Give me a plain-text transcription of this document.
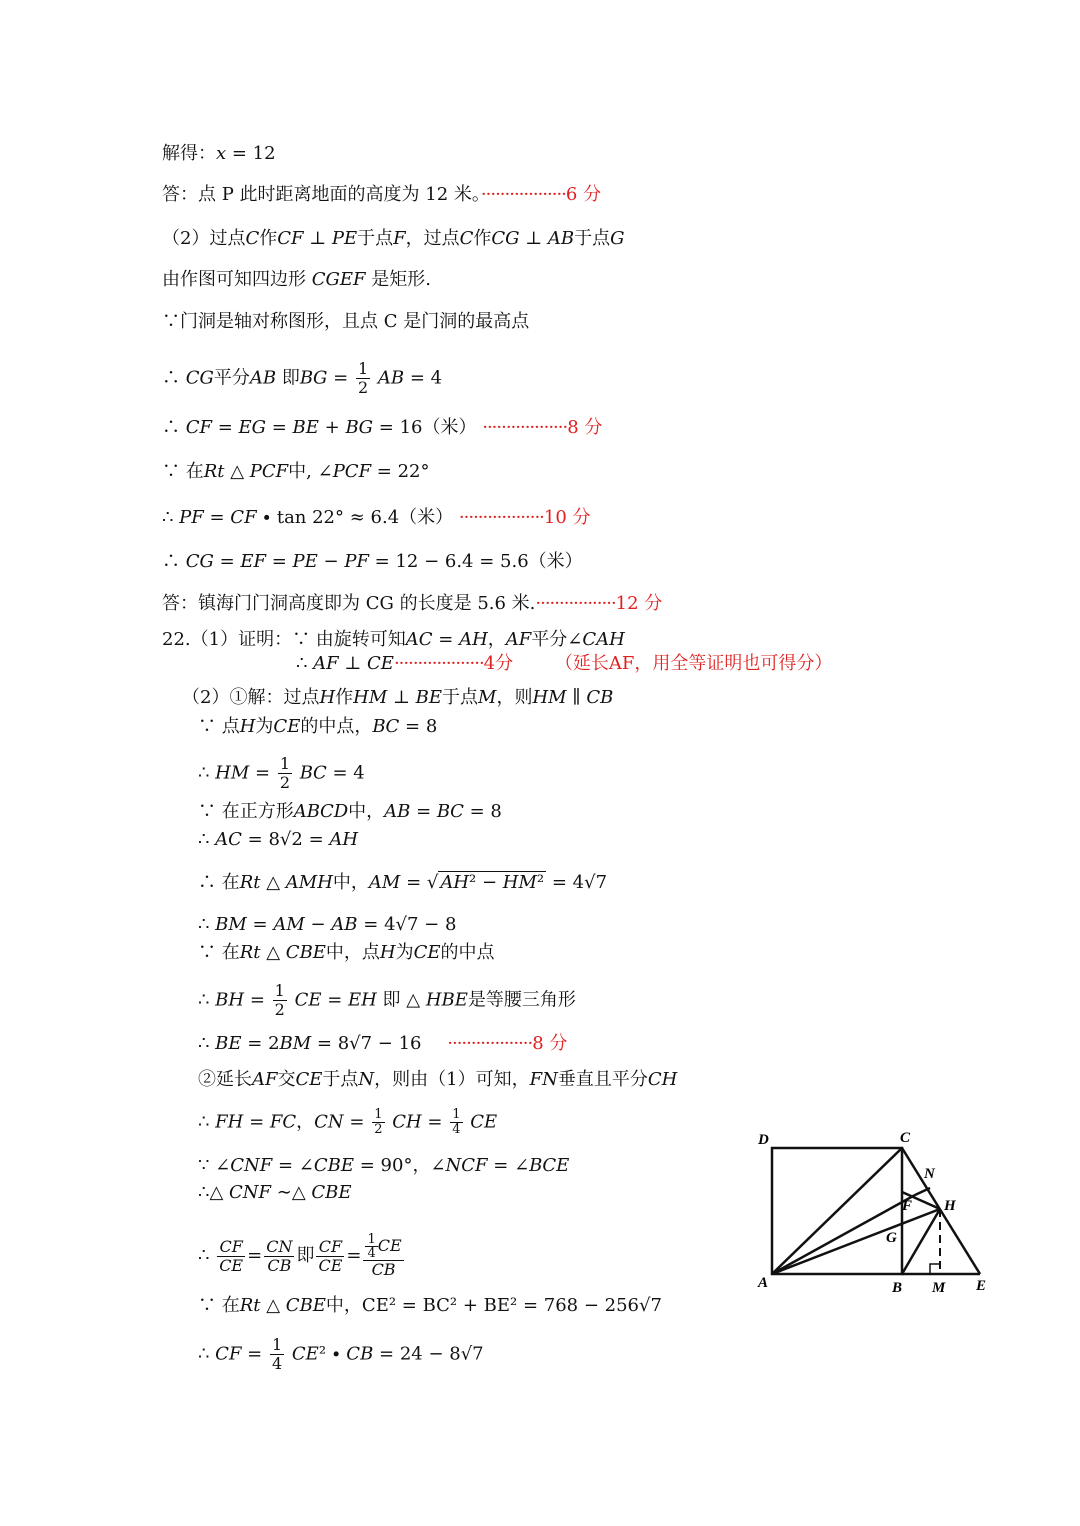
解得：𝑥 = 12
答：点 P 此时距离地面的高度为 12 米。··················6 分
（2）过点𝐶作𝐶𝐹 ⊥ 𝑃𝐸于点𝐹，过点𝐶作𝐶𝐺 ⊥ 𝐴𝐵于点𝐺
由作图可知四边形 𝐶𝐺𝐸𝐹 是矩形.
∵门洞是轴对称图形，且点 C 是门洞的最高点
∴ 𝐶𝐺平分𝐴𝐵 即𝐵𝐺 = $\frac{1}{2}$ 𝐴𝐵 = 4
∴ 𝐶𝐹 = 𝐸𝐺 = 𝐵𝐸 + 𝐵𝐺 = 16（米） ··················8 分
∵ 在𝑅𝑡 △ 𝑃𝐶𝐹中, ∠𝑃𝐶𝐹 = 22°
∴ 𝑃𝐹 = 𝐶𝐹 ∙ tan 22° ≈ 6.4（米） ··················10 分
∴ 𝐶𝐺 = 𝐸𝐹 = 𝑃𝐸 − 𝑃𝐹 = 12 − 6.4 = 5.6（米）
答：镇海门门洞高度即为 CG 的长度是 5.6 米.·················12 分
22.（1）证明：∵ 由旋转可知𝐴𝐶 = 𝐴𝐻，𝐴𝐹平分∠𝐶𝐴𝐻
∴ 𝐴𝐹 ⊥ 𝐶𝐸···················4分 （延长AF，用全等证明也可得分）
（2）①解：过点𝐻作𝐻𝑀 ⊥ 𝐵𝐸于点𝑀，则𝐻𝑀 ∥ 𝐶𝐵
∵ 点𝐻为𝐶𝐸的中点，𝐵𝐶 = 8
∴ 𝐻𝑀 = $\frac{1}{2}$ 𝐵𝐶 = 4
∵ 在正方形𝐴𝐵𝐶𝐷中，𝐴𝐵 = 𝐵𝐶 = 8
∴ 𝐴𝐶 = 8√2 = 𝐴𝐻
∴ 在𝑅𝑡 △ 𝐴𝑀𝐻中，𝐴𝑀 = √ 𝐴𝐻² − 𝐻𝑀² = 4√7
∴ 𝐵𝑀 = 𝐴𝑀 − 𝐴𝐵 = 4√7 − 8
∵ 在𝑅𝑡 △ 𝐶𝐵𝐸中，点𝐻为𝐶𝐸的中点
∴ 𝐵𝐻 = $\frac{1}{2}$ 𝐶𝐸 = 𝐸𝐻 即 △ 𝐻𝐵𝐸是等腰三角形
∴ 𝐵𝐸 = 2𝐵𝑀 = 8√7 − 16 ··················8 分
②延长𝐴𝐹交𝐶𝐸于点𝑁，则由（1）可知，𝐹𝑁垂直且平分𝐶𝐻
∴ 𝐹𝐻 = 𝐹𝐶，𝐶𝑁 = $\frac{1}{2}$ 𝐶𝐻 = $\frac{1}{4}$ 𝐶𝐸
∵ ∠𝐶𝑁𝐹 = ∠𝐶𝐵𝐸 = 90°，∠𝑁𝐶𝐹 = ∠𝐵𝐶𝐸
∴△ 𝐶𝑁𝐹 ∼△ 𝐶𝐵𝐸
∴ $\frac{\text{𝐶𝐹}}{\text{𝐶𝐸}} = \frac{\text{𝐶𝑁}}{\text{𝐶𝐵}}$ 即 $\frac{\text{𝐶𝐹}}{\text{𝐶𝐸}} = \frac{\frac{1}{4} 𝐶𝐸}{\text{𝐶𝐵}}$
∵ 在𝑅𝑡 △ 𝐶𝐵𝐸中，CE² = BC² + BE² = 768 − 256√7
∴ 𝐶𝐹 = $\frac{1}{4}$ 𝐶𝐸² ∙ 𝐶𝐵 = 24 − 8√7
D	C
N
H
F
G
A	B M E
